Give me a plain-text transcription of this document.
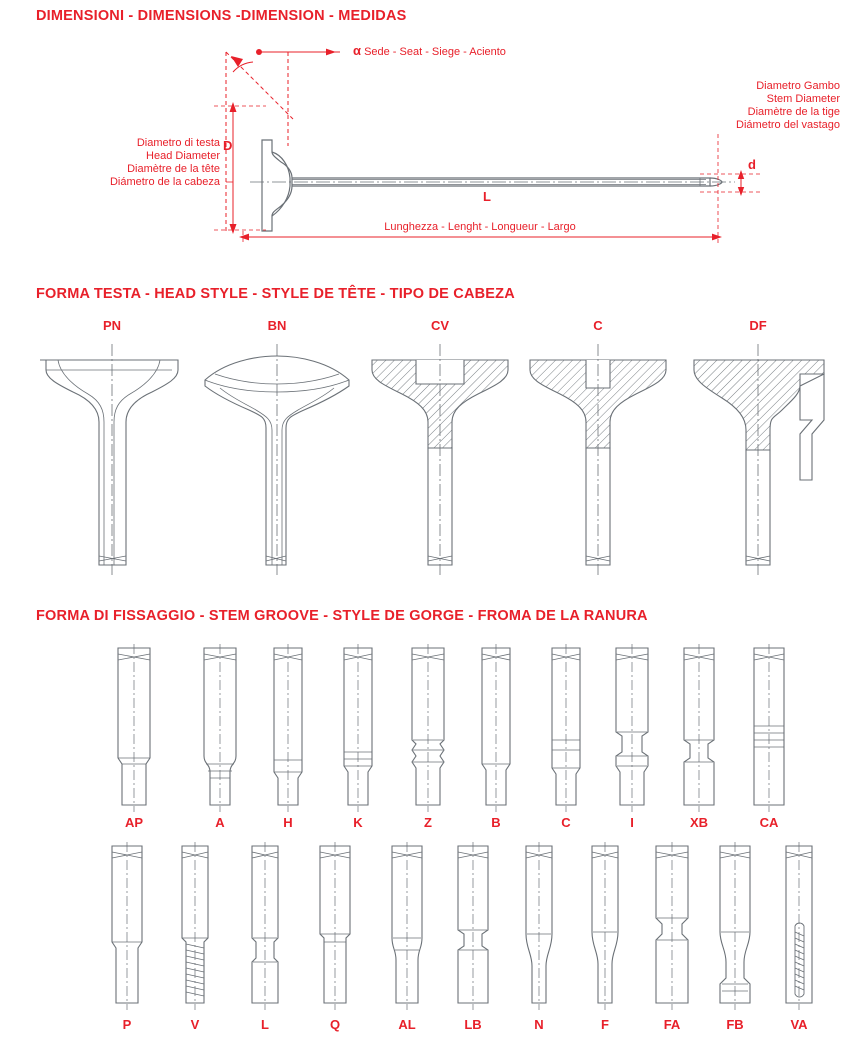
DIMENSIONI - DIMENSIONS -DIMENSION - MEDIDAS
α Sede - Seat - Siege - Aciento
Diametro Gambo
Stem Diameter
Diamètre de la tige
Diámetro del vastago
Diametro di testa
Head Diameter
Diamètre de la tête
Diámetro de la cabeza
D
d
L
Lunghezza - Lenght - Longueur - Largo
FORMA TESTA - HEAD STYLE - STYLE DE TÊTE - TIPO DE CABEZA
PN	BN	CV	C	DF
FORMA DI FISSAGGIO - STEM GROOVE - STYLE DE GORGE - FROMA DE LA RANURA
AP	A	H	K	Z	B	C	I	XB	CA
P	V	L	Q	AL	LB	N	F	FA	FB	VA
